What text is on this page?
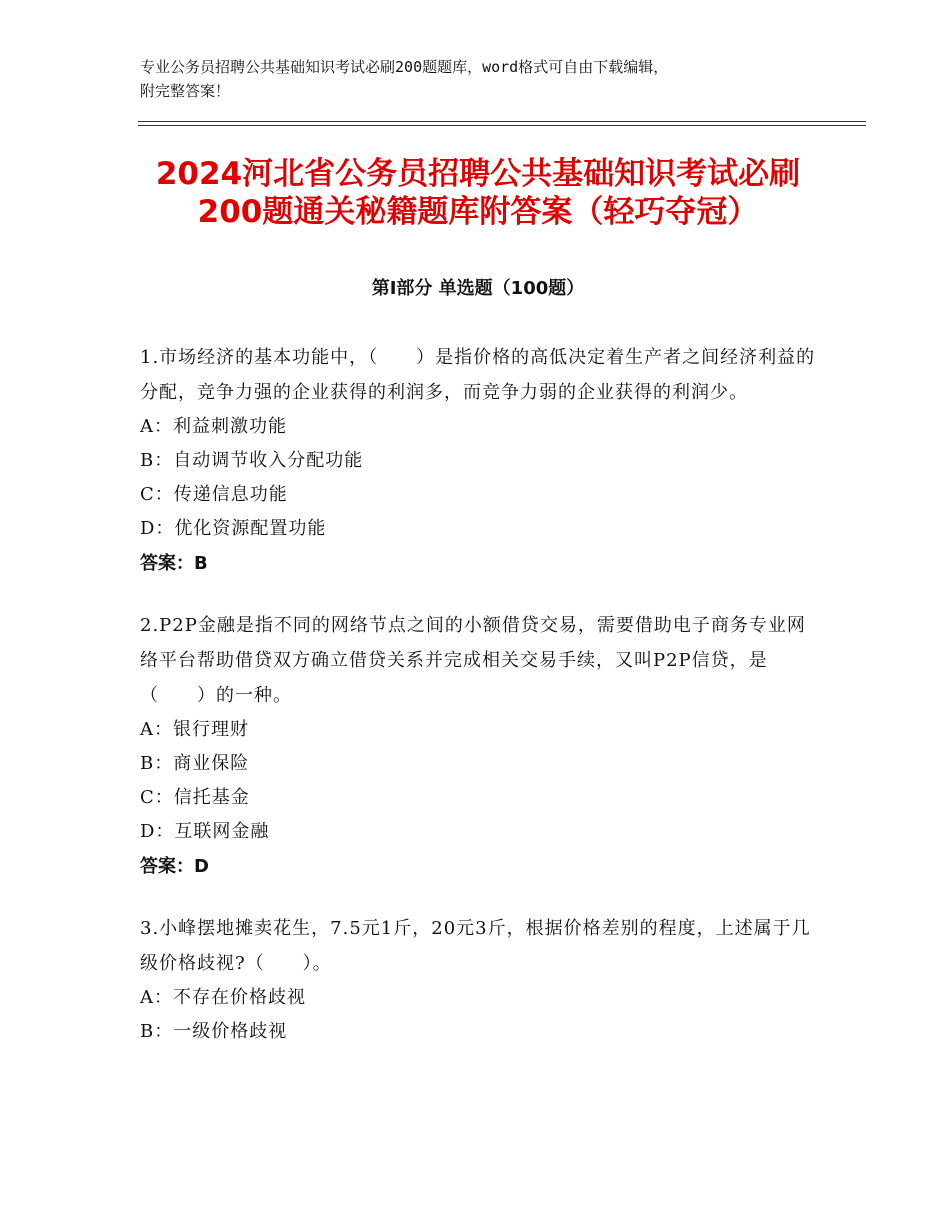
专业公务员招聘公共基础知识考试必刷200题题库，word格式可自由下载编辑，
附完整答案！
2024河北省公务员招聘公共基础知识考试必刷200题通关秘籍题库附答案（轻巧夺冠）
第Ⅰ部分 单选题（100题）
1.市场经济的基本功能中，（　　）是指价格的高低决定着生产者之间经济利益的分配，竞争力强的企业获得的利润多，而竞争力弱的企业获得的利润少。
A：利益刺激功能
B：自动调节收入分配功能
C：传递信息功能
D：优化资源配置功能
答案：B
2.P2P金融是指不同的网络节点之间的小额借贷交易，需要借助电子商务专业网络平台帮助借贷双方确立借贷关系并完成相关交易手续，又叫P2P信贷，是（　　）的一种。
A：银行理财
B：商业保险
C：信托基金
D：互联网金融
答案：D
3.小峰摆地摊卖花生，7.5元1斤，20元3斤，根据价格差别的程度，上述属于几级价格歧视?（　　）。
A：不存在价格歧视
B：一级价格歧视
